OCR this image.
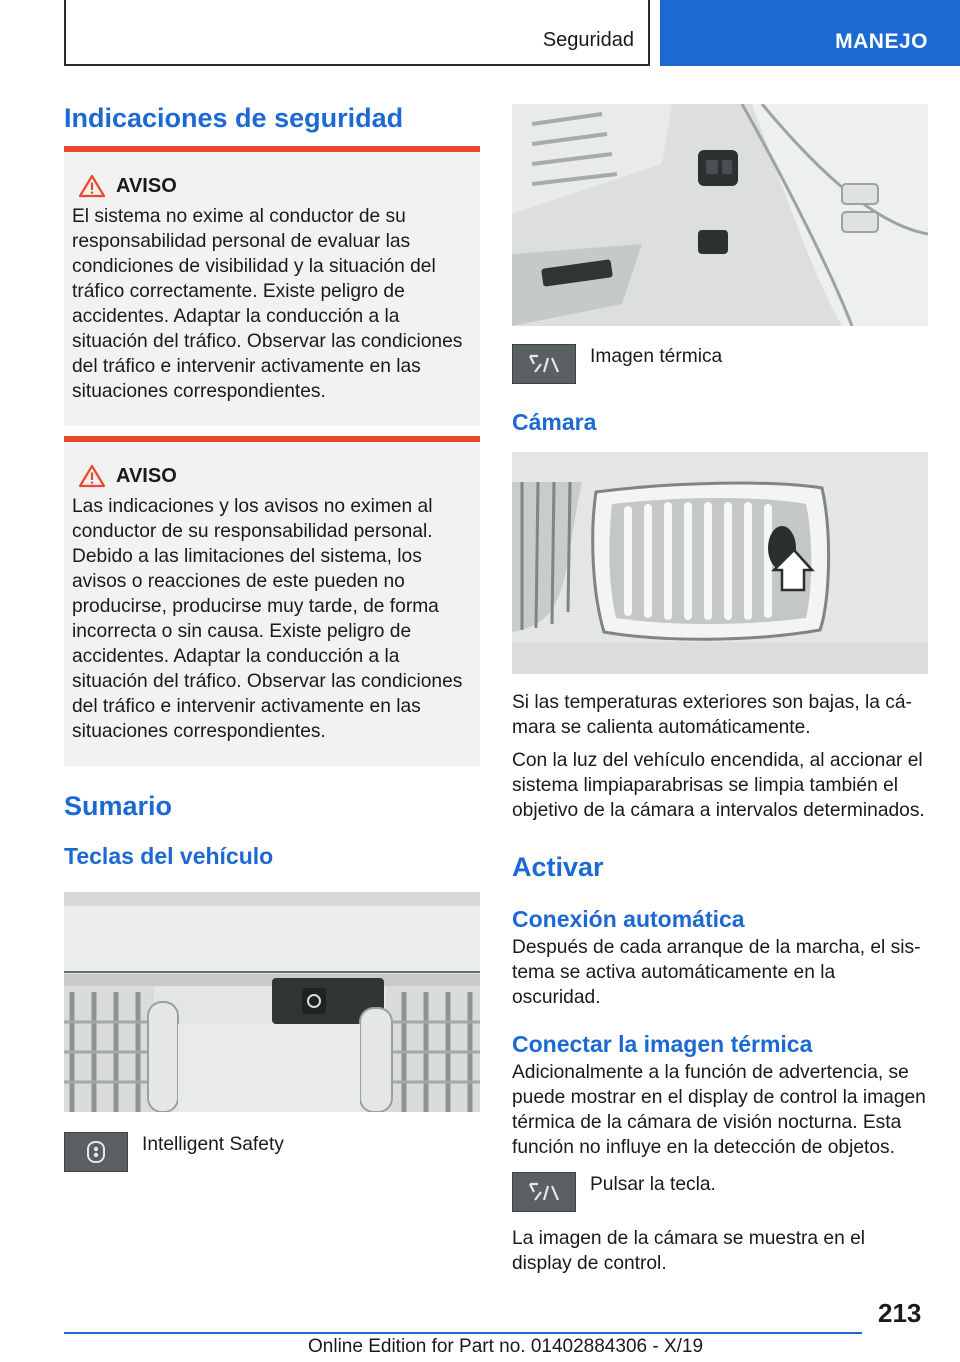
Seguridad	MANEJO
Indicaciones de seguridad
AVISO
El sistema no exime al conductor de su responsabilidad personal de evaluar las condiciones de visibilidad y la situación del tráfico correctamente. Existe peligro de accidentes. Adaptar la conducción a la situación del tráfico. Observar las condiciones del tráfico e intervenir activamente en las situaciones correspondientes.
AVISO
Las indicaciones y los avisos no eximen al conductor de su responsabilidad personal. Debido a las limitaciones del sistema, los avisos o reacciones de este pueden no producirse, producirse muy tarde, de forma incorrecta o sin causa. Existe peligro de accidentes. Adaptar la conducción a la situación del tráfico. Observar las condiciones del tráfico e intervenir activamente en las situaciones correspondientes.
Sumario
Teclas del vehículo
Intelligent Safety
Imagen térmica
Cámara

Si las temperaturas exteriores son bajas, la cámara se calienta automáticamente.

Con la luz del vehículo encendida, al accionar el sistema limpiaparabrisas se limpia también el objetivo de la cámara a intervalos determinados.

Activar
Conexión automática

Después de cada arranque de la marcha, el sistema se activa automáticamente en la oscuridad.

Conectar la imagen térmica

Adicionalmente a la función de advertencia, se puede mostrar en el display de control la imagen térmica de la cámara de visión nocturna. Esta función no influye en la detección de objetos.

Pulsar la tecla.

La imagen de la cámara se muestra en el display de control.

213
Online Edition for Part no. 01402884306 - X/19
